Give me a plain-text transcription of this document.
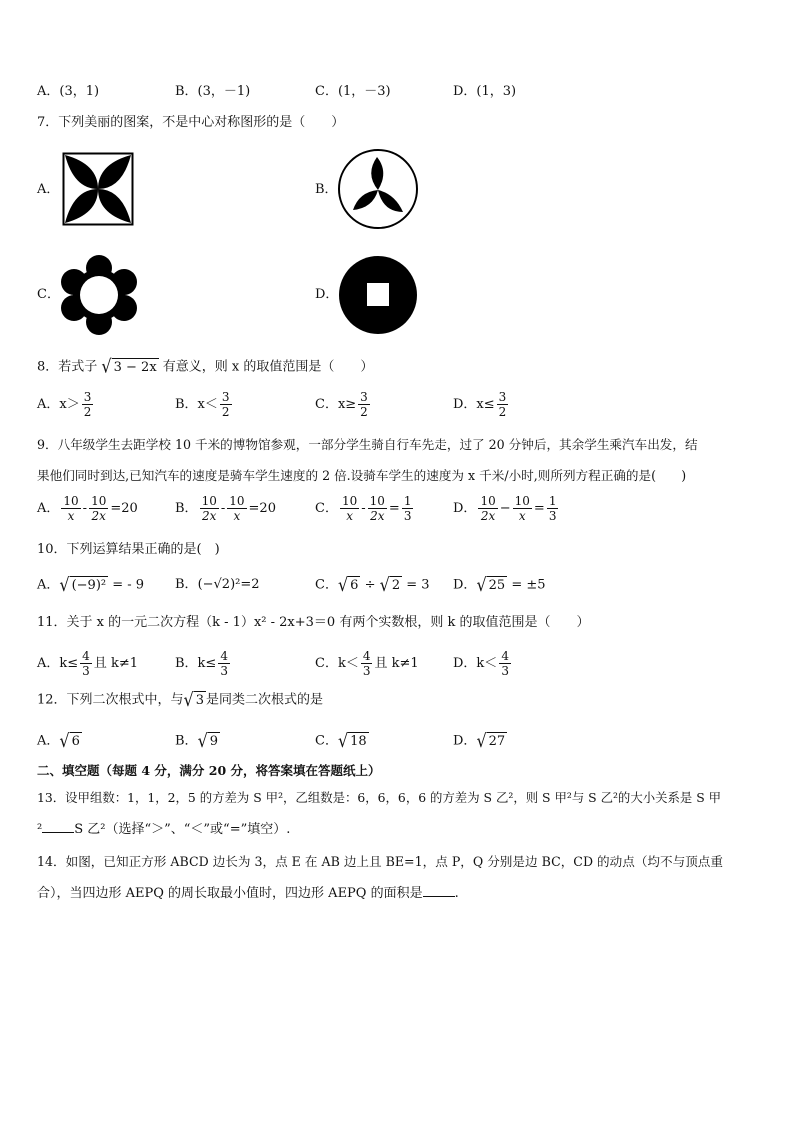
A．(3，1)	B．(3，－1)	C．(1，－3)	D．(1，3)
7．下列美丽的图案，不是中心对称图形的是（　　）
A．	B．
C．	D．
8．若式子 √ 3 − 2x 有意义，则 x 的取值范围是（　　）
A．$x> \frac{3}{2}$	B．$x< \frac{3}{2}$	C．$x\ge \frac{3}{2}$	D．$x\le \frac{3}{2}$
9．八年级学生去距学校 10 千米的博物馆参观，一部分学生骑自行车先走，过了 20 分钟后，其余学生乘汽车出发，结
果他们同时到达,已知汽车的速度是骑车学生速度的 2 倍.设骑车学生的速度为 x 千米/小时,则所列方程正确的是(　　)
A． $\frac{10}{x} - \frac{10}{2x} =20$	B． $\frac{10}{2x} - \frac{10}{x} =20$	C． $\frac{10}{x} - \frac{10}{2x} = \frac{1}{3}$	D． $\frac{10}{2x} - \frac{10}{x} = \frac{1}{3}$
10．下列运算结果正确的是(　)
A． √ (−9)² = - 9 B．(−√2)²=2	C． √ 6 ÷ √ 2 = 3 D． √ 25 = ±5
11．关于 x 的一元二次方程（k - 1）x² - 2x+3＝0 有两个实数根，则 k 的取值范围是（　　）
A．$k\le \frac{4}{3}$ 且 k≠1	B．$k\le \frac{4}{3}$	C．$k< \frac{4}{3}$ 且 k≠1	D．$k< \frac{4}{3}$
12．下列二次根式中，与 √ 3 是同类二次根式的是
A． √ 6	B． √ 9	C． √ 18	D． √ 27
二、填空题（每题 4 分，满分 20 分，将答案填在答题纸上）
13．设甲组数：1，1，2，5 的方差为 S 甲²，乙组数是：6，6，6，6 的方差为 S 乙²，则 S 甲²与 S 乙²的大小关系是 S 甲
² S 乙²（选择“＞”、“＜”或“=”填空）.
14．如图，已知正方形 ABCD 边长为 3，点 E 在 AB 边上且 BE=1，点 P，Q 分别是边 BC，CD 的动点（均不与顶点重
合），当四边形 AEPQ 的周长取最小值时，四边形 AEPQ 的面积是 .
